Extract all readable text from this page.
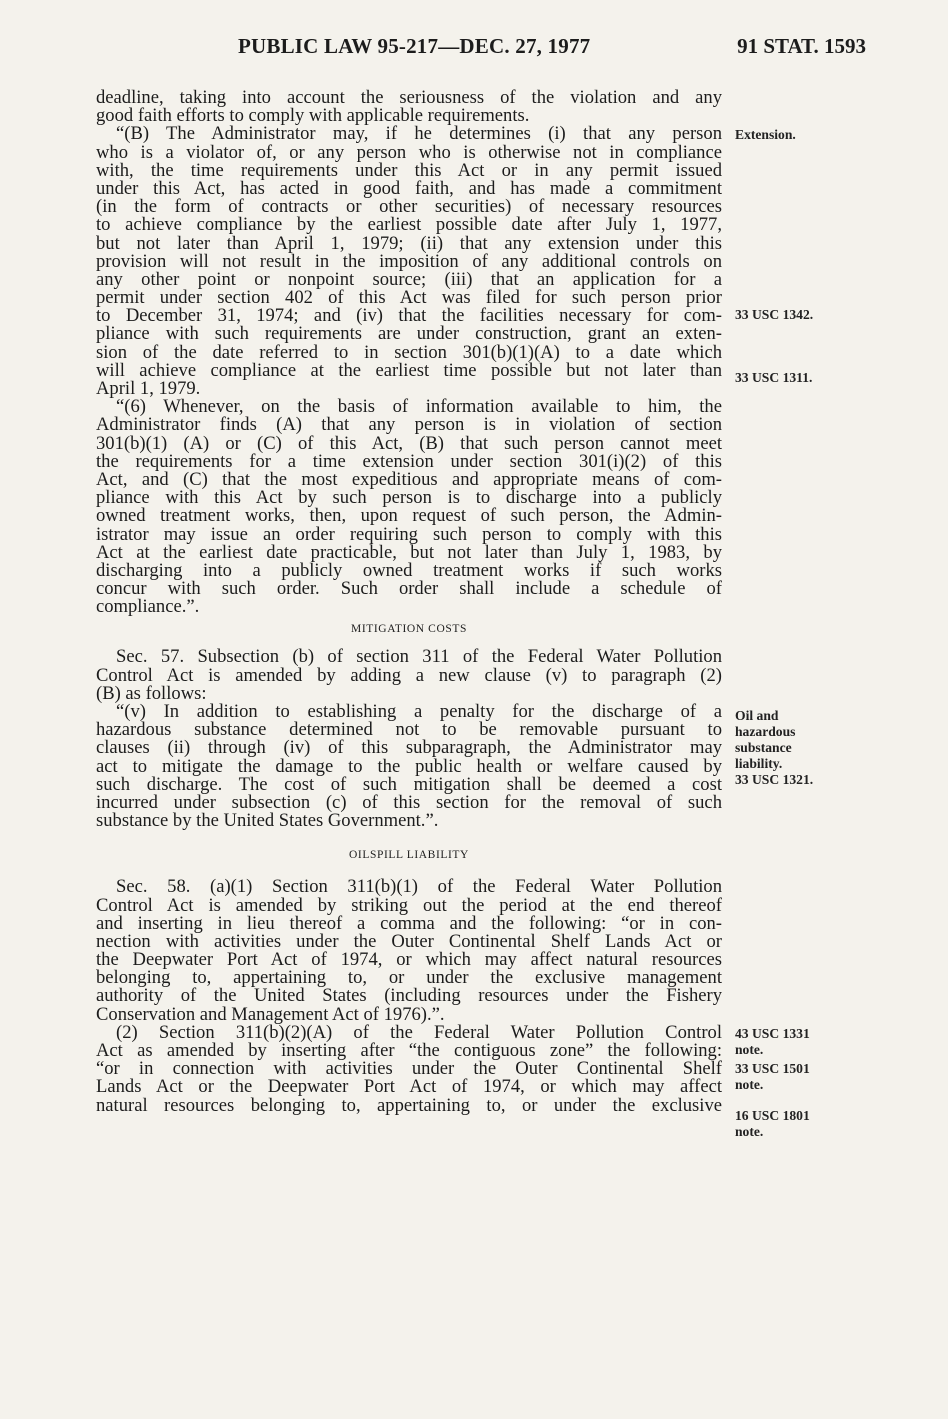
PUBLIC LAW 95-217—DEC. 27, 1977	91 STAT. 1593
deadline, taking into account the seriousness of the violation and any
good faith efforts to comply with applicable requirements.
“(B) The Administrator may, if he determines (i) that any person
who is a violator of, or any person who is otherwise not in compliance
with, the time requirements under this Act or in any permit issued
under this Act, has acted in good faith, and has made a commitment
(in the form of contracts or other securities) of necessary resources
to achieve compliance by the earliest possible date after July 1, 1977,
but not later than April 1, 1979; (ii) that any extension under this
provision will not result in the imposition of any additional controls on
any other point or nonpoint source; (iii) that an application for a
permit under section 402 of this Act was filed for such person prior
to December 31, 1974; and (iv) that the facilities necessary for com-
pliance with such requirements are under construction, grant an exten-
sion of the date referred to in section 301(b)(1)(A) to a date which
will achieve compliance at the earliest time possible but not later than
April 1, 1979.
“(6) Whenever, on the basis of information available to him, the
Administrator finds (A) that any person is in violation of section
301(b)(1) (A) or (C) of this Act, (B) that such person cannot meet
the requirements for a time extension under section 301(i)(2) of this
Act, and (C) that the most expeditious and appropriate means of com-
pliance with this Act by such person is to discharge into a publicly
owned treatment works, then, upon request of such person, the Admin-
istrator may issue an order requiring such person to comply with this
Act at the earliest date practicable, but not later than July 1, 1983, by
discharging into a publicly owned treatment works if such works
concur with such order. Such order shall include a schedule of
compliance.”.
MITIGATION COSTS
Sec. 57. Subsection (b) of section 311 of the Federal Water Pollution
Control Act is amended by adding a new clause (v) to paragraph (2)
(B) as follows:
“(v) In addition to establishing a penalty for the discharge of a
hazardous substance determined not to be removable pursuant to
clauses (ii) through (iv) of this subparagraph, the Administrator may
act to mitigate the damage to the public health or welfare caused by
such discharge. The cost of such mitigation shall be deemed a cost
incurred under subsection (c) of this section for the removal of such
substance by the United States Government.”.
OILSPILL LIABILITY
Sec. 58. (a)(1) Section 311(b)(1) of the Federal Water Pollution
Control Act is amended by striking out the period at the end thereof
and inserting in lieu thereof a comma and the following: “or in con-
nection with activities under the Outer Continental Shelf Lands Act or
the Deepwater Port Act of 1974, or which may affect natural resources
belonging to, appertaining to, or under the exclusive management
authority of the United States (including resources under the Fishery
Conservation and Management Act of 1976).”.
(2) Section 311(b)(2)(A) of the Federal Water Pollution Control
Act as amended by inserting after “the contiguous zone” the following:
“or in connection with activities under the Outer Continental Shelf
Lands Act or the Deepwater Port Act of 1974, or which may affect
natural resources belonging to, appertaining to, or under the exclusive
Extension.
33 USC 1342.
33 USC 1311.
Oil and
hazardous
substance
liability.
33 USC 1321.
43 USC 1331
note.
33 USC 1501
note.
16 USC 1801
note.
